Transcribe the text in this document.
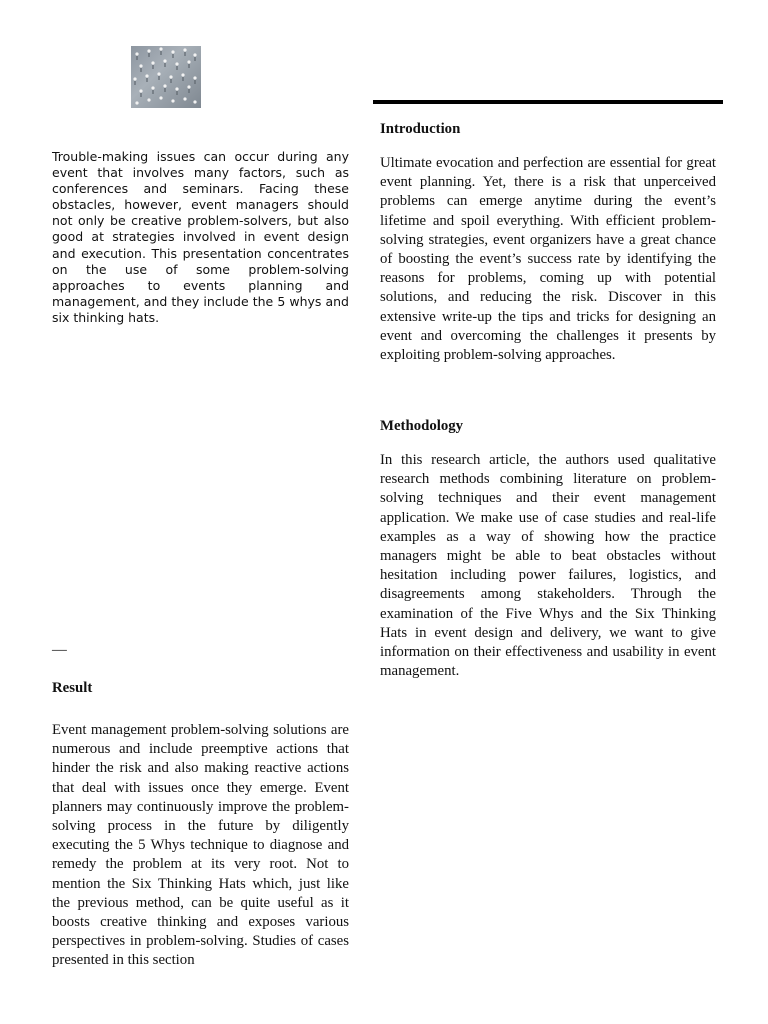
Trouble-making issues can occur during any event that involves many factors, such as conferences and seminars. Facing these obstacles, however, event managers should not only be creative problem-solvers, but also good at strategies involved in event design and execution. This presentation concentrates on the use of some problem-solving approaches to events planning and management, and they include the 5 whys and six thinking hats.

Introduction

Ultimate evocation and perfection are essential for great event planning. Yet, there is a risk that unperceived problems can emerge anytime during the event’s lifetime and spoil everything. With efficient problem-solving strategies, event organizers have a great chance of boosting the event’s success rate by identifying the reasons for problems, coming up with potential solutions, and reducing the risk. Discover in this extensive write-up the tips and tricks for designing an event and overcoming the challenges it presents by exploiting problem-solving approaches.

Methodology

In this research article, the authors used qualitative research methods combining literature on problem-solving techniques and their event management application. We make use of case studies and real-life examples as a way of showing how the practice managers might be able to beat obstacles without hesitation including power failures, logistics, and disagreements among stakeholders. Through the examination of the Five Whys and the Six Thinking Hats in event design and delivery, we want to give information on their effectiveness and usability in event management.

—
Result

Event management problem-solving solutions are numerous and include preemptive actions that hinder the risk and also making reactive actions that deal with issues once they emerge. Event planners may continuously improve the problem-solving process in the future by diligently executing the 5 Whys technique to diagnose and remedy the problem at its very root. Not to mention the Six Thinking Hats which, just like the previous method, can be quite useful as it boosts creative thinking and exposes various perspectives in problem-solving. Studies of cases presented in this section
